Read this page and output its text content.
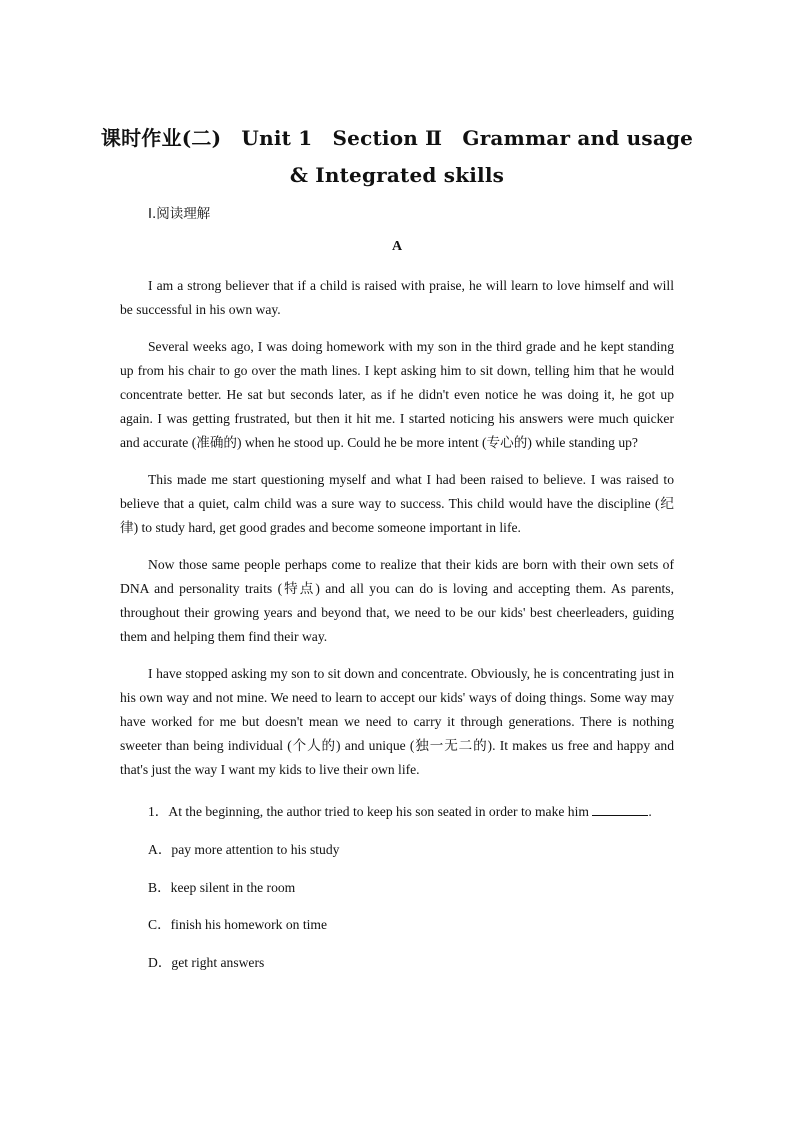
课时作业(二)　Unit 1　Section Ⅱ　Grammar and usage
& Integrated skills
Ⅰ.阅读理解
A

I am a strong believer that if a child is raised with praise, he will learn to love himself and will be successful in his own way.

Several weeks ago, I was doing homework with my son in the third grade and he kept standing up from his chair to go over the math lines. I kept asking him to sit down, telling him that he would concentrate better. He sat but seconds later, as if he didn't even notice he was doing it, he got up again. I was getting frustrated, but then it hit me. I started noticing his answers were much quicker and accurate (准确的) when he stood up. Could he be more intent (专心的) while standing up?

This made me start questioning myself and what I had been raised to believe. I was raised to believe that a quiet, calm child was a sure way to success. This child would have the discipline (纪律) to study hard, get good grades and become someone important in life.

Now those same people perhaps come to realize that their kids are born with their own sets of DNA and personality traits (特点) and all you can do is loving and accepting them. As parents, throughout their growing years and beyond that, we need to be our kids' best cheerleaders, guiding them and helping them find their way.

I have stopped asking my son to sit down and concentrate. Obviously, he is concentrating just in his own way and not mine. We need to learn to accept our kids' ways of doing things. Some way may have worked for me but doesn't mean we need to carry it through generations. There is nothing sweeter than being individual (个人的) and unique (独一无二的). It makes us free and happy and that's just the way I want my kids to live their own life.

1．At the beginning, the author tried to keep his son seated in order to make him	.

A．pay more attention to his study
B．keep silent in the room
C．finish his homework on time
D．get right answers
